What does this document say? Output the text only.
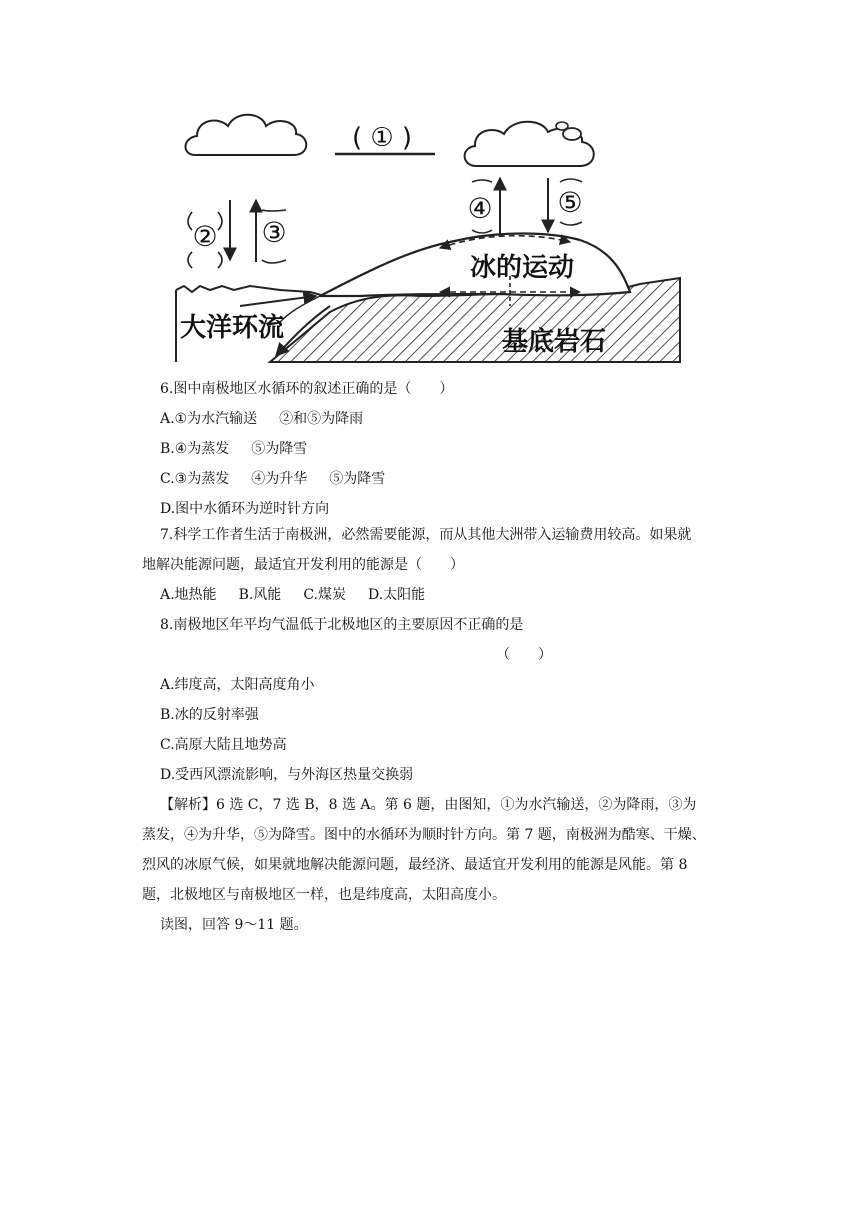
( ① )
② ③
④ ⑤
基底岩石
冰的运动
大洋环流
6.图中南极地区水循环的叙述正确的是（　　）
A.①为水汽输送 ②和⑤为降雨
B.④为蒸发 ⑤为降雪
C.③为蒸发 ④为升华 ⑤为降雪
D.图中水循环为逆时针方向
7.科学工作者生活于南极洲，必然需要能源，而从其他大洲带入运输费用较高。如果就
地解决能源问题，最适宜开发利用的能源是（　　）
A.地热能 B.风能 C.煤炭 D.太阳能
8.南极地区年平均气温低于北极地区的主要原因不正确的是
（　　）
A.纬度高，太阳高度角小
B.冰的反射率强
C.高原大陆且地势高
D.受西风漂流影响，与外海区热量交换弱
【解析】6 选 C，7 选 B，8 选 A。第 6 题，由图知，①为水汽输送，②为降雨，③为
蒸发，④为升华，⑤为降雪。图中的水循环为顺时针方向。第 7 题，南极洲为酷寒、干燥、
烈风的冰原气候，如果就地解决能源问题，最经济、最适宜开发利用的能源是风能。第 8
题，北极地区与南极地区一样，也是纬度高，太阳高度小。
读图，回答 9～11 题。
